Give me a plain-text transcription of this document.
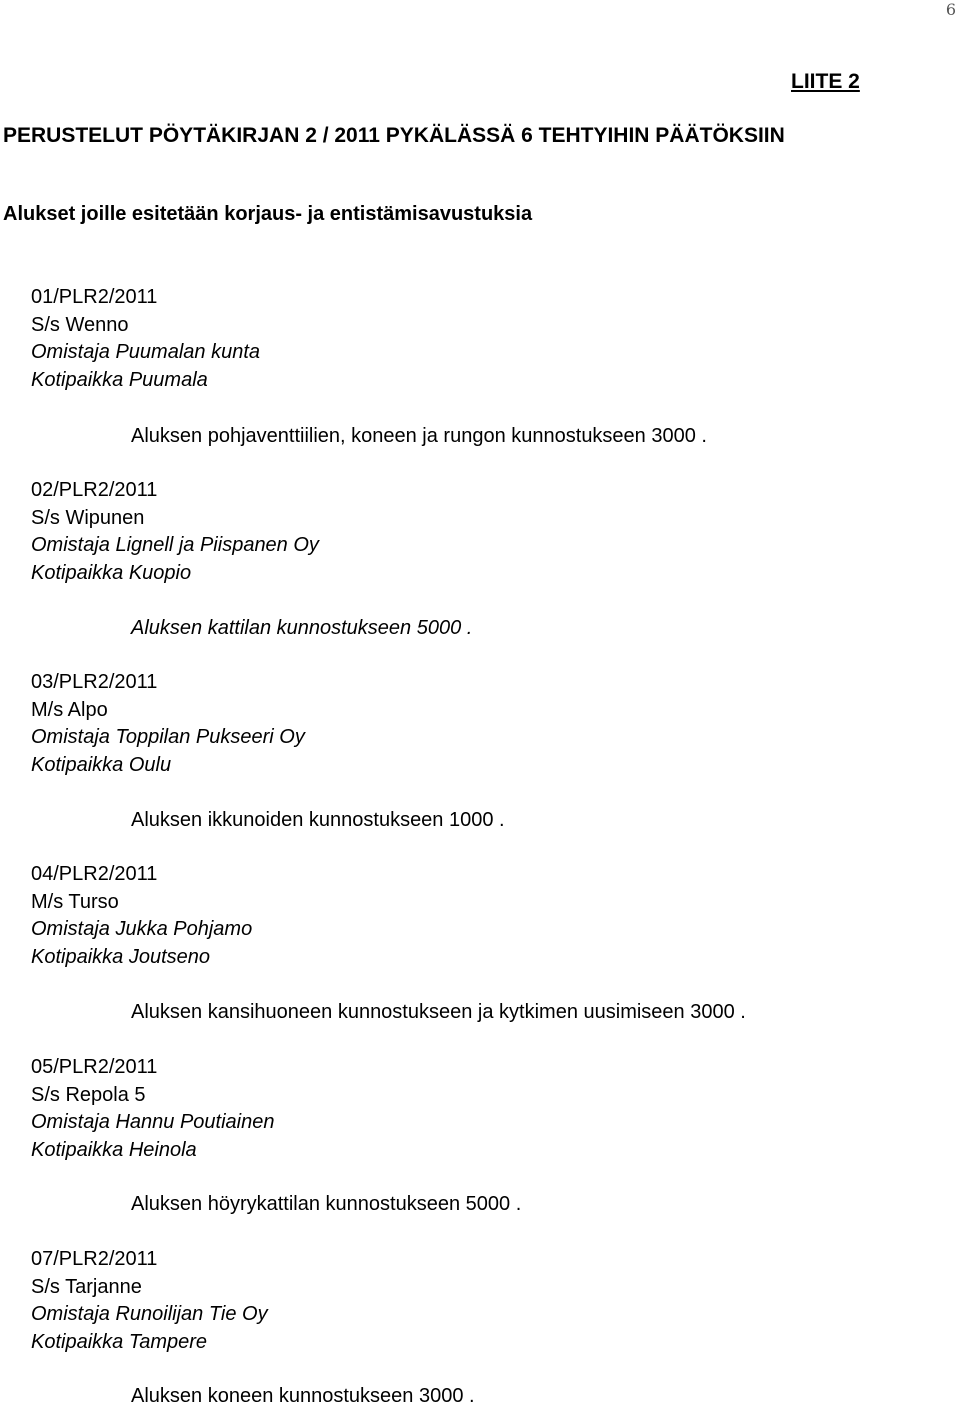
6
LIITE 2
PERUSTELUT PÖYTÄKIRJAN 2 / 2011 PYKÄLÄSSÄ 6 TEHTYIHIN PÄÄTÖKSIIN
Alukset joille esitetään korjaus- ja entistämisavustuksia
01/PLR2/2011
S/s Wenno
Omistaja Puumalan kunta
Kotipaikka Puumala
Aluksen pohjaventtiilien, koneen ja rungon kunnostukseen 3000 .
02/PLR2/2011
S/s Wipunen
Omistaja Lignell ja Piispanen Oy
Kotipaikka Kuopio
Aluksen kattilan kunnostukseen 5000 .
03/PLR2/2011
M/s Alpo
Omistaja Toppilan Pukseeri Oy
Kotipaikka Oulu
Aluksen ikkunoiden kunnostukseen 1000 .
04/PLR2/2011
M/s Turso
Omistaja Jukka Pohjamo
Kotipaikka Joutseno
Aluksen kansihuoneen kunnostukseen ja kytkimen uusimiseen 3000 .
05/PLR2/2011
S/s Repola 5
Omistaja Hannu Poutiainen
Kotipaikka Heinola
Aluksen höyrykattilan kunnostukseen 5000 .
07/PLR2/2011
S/s Tarjanne
Omistaja Runoilijan Tie Oy
Kotipaikka Tampere
Aluksen koneen kunnostukseen 3000 .
